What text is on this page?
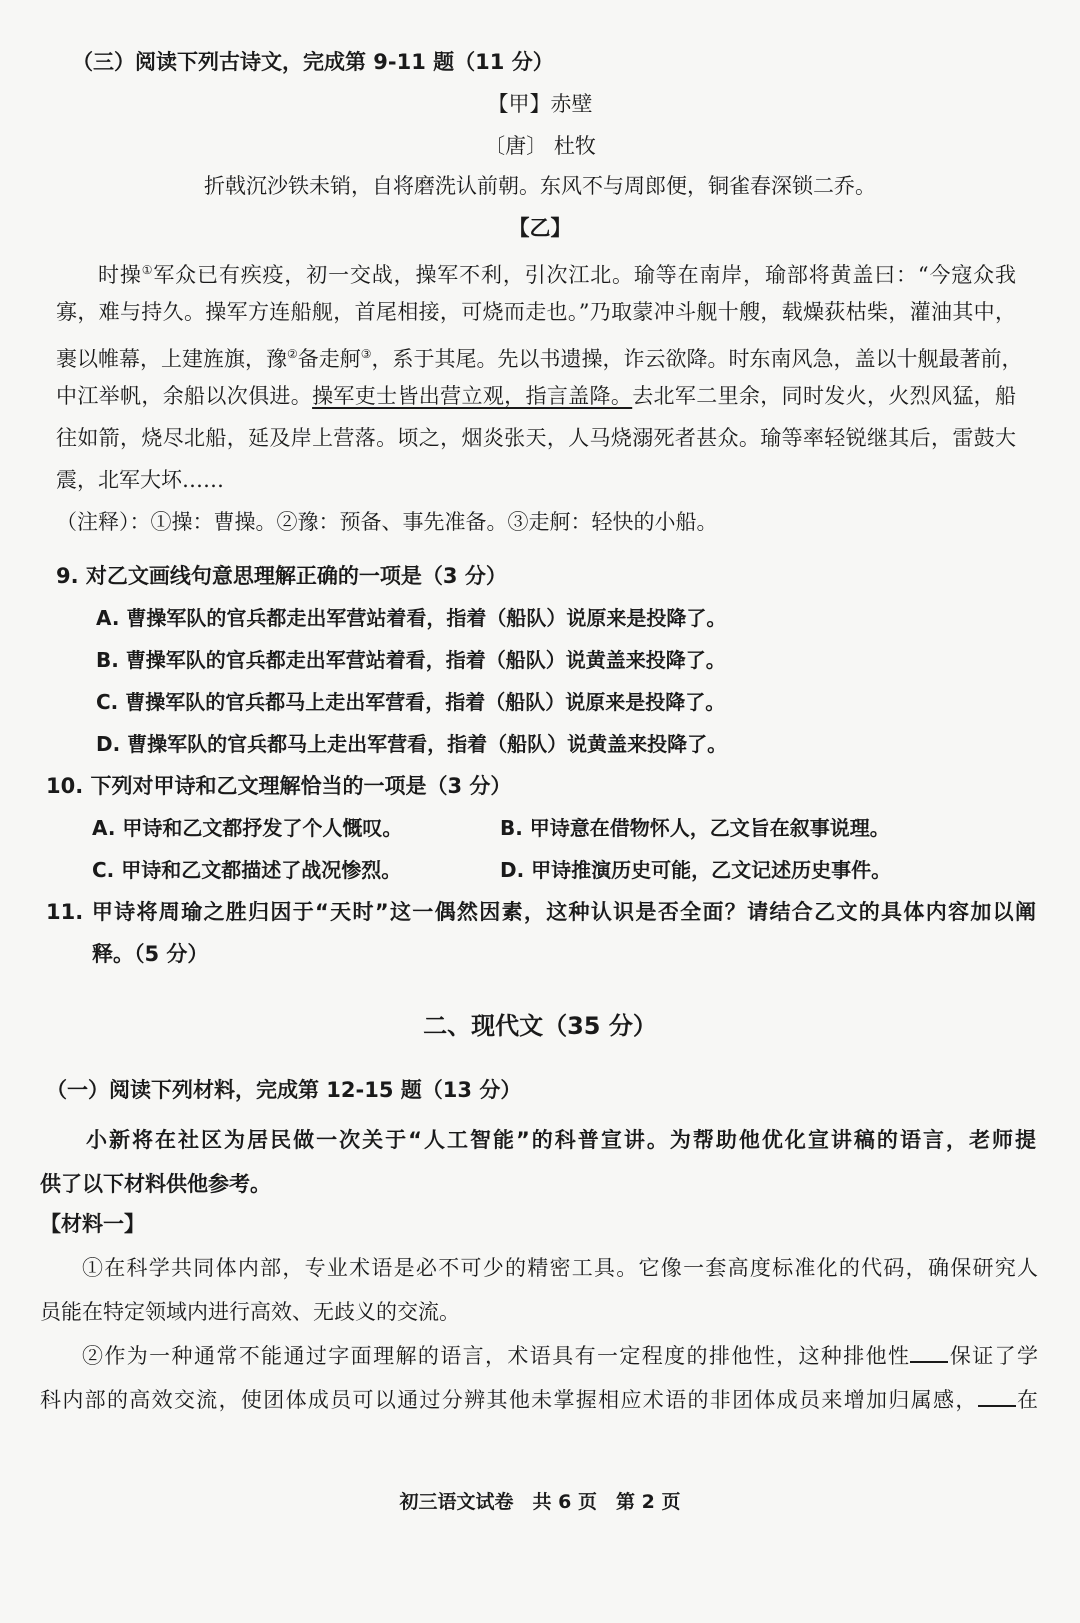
（三）阅读下列古诗文，完成第 9-11 题（11 分）
【甲】赤壁
〔唐〕 杜牧
折戟沉沙铁未销，自将磨洗认前朝。东风不与周郎便，铜雀春深锁二乔。
【乙】
时操①军众已有疾疫，初一交战，操军不利，引次江北。瑜等在南岸，瑜部将黄盖曰：“今寇众我
寡，难与持久。操军方连船舰，首尾相接，可烧而走也。”乃取蒙冲斗舰十艘，载燥荻枯柴，灌油其中，
裹以帷幕，上建旌旗，豫②备走舸③，系于其尾。先以书遗操，诈云欲降。时东南风急，盖以十舰最著前，
中江举帆，余船以次俱进。操军吏士皆出营立观，指言盖降。去北军二里余，同时发火，火烈风猛，船
往如箭，烧尽北船，延及岸上营落。顷之，烟炎张天，人马烧溺死者甚众。瑜等率轻锐继其后，雷鼓大
震，北军大坏……
（注释）：①操：曹操。②豫：预备、事先准备。③走舸：轻快的小船。
9. 对乙文画线句意思理解正确的一项是（3 分）
A. 曹操军队的官兵都走出军营站着看，指着（船队）说原来是投降了。
B. 曹操军队的官兵都走出军营站着看，指着（船队）说黄盖来投降了。
C. 曹操军队的官兵都马上走出军营看，指着（船队）说原来是投降了。
D. 曹操军队的官兵都马上走出军营看，指着（船队）说黄盖来投降了。
10. 下列对甲诗和乙文理解恰当的一项是（3 分）
A. 甲诗和乙文都抒发了个人慨叹。	B. 甲诗意在借物怀人，乙文旨在叙事说理。
C. 甲诗和乙文都描述了战况惨烈。	D. 甲诗推演历史可能，乙文记述历史事件。
11. 甲诗将周瑜之胜归因于“天时”这一偶然因素，这种认识是否全面？请结合乙文的具体内容加以阐
释。（5 分）
二、现代文（35 分）
（一）阅读下列材料，完成第 12-15 题（13 分）
小新将在社区为居民做一次关于“人工智能”的科普宣讲。为帮助他优化宣讲稿的语言，老师提
供了以下材料供他参考。
【材料一】
①在科学共同体内部，专业术语是必不可少的精密工具。它像一套高度标准化的代码，确保研究人
员能在特定领域内进行高效、无歧义的交流。
②作为一种通常不能通过字面理解的语言，术语具有一定程度的排他性，这种排他性 保证了学
科内部的高效交流，使团体成员可以通过分辨其他未掌握相应术语的非团体成员来增加归属感， 在
初三语文试卷　共 6 页　第 2 页
